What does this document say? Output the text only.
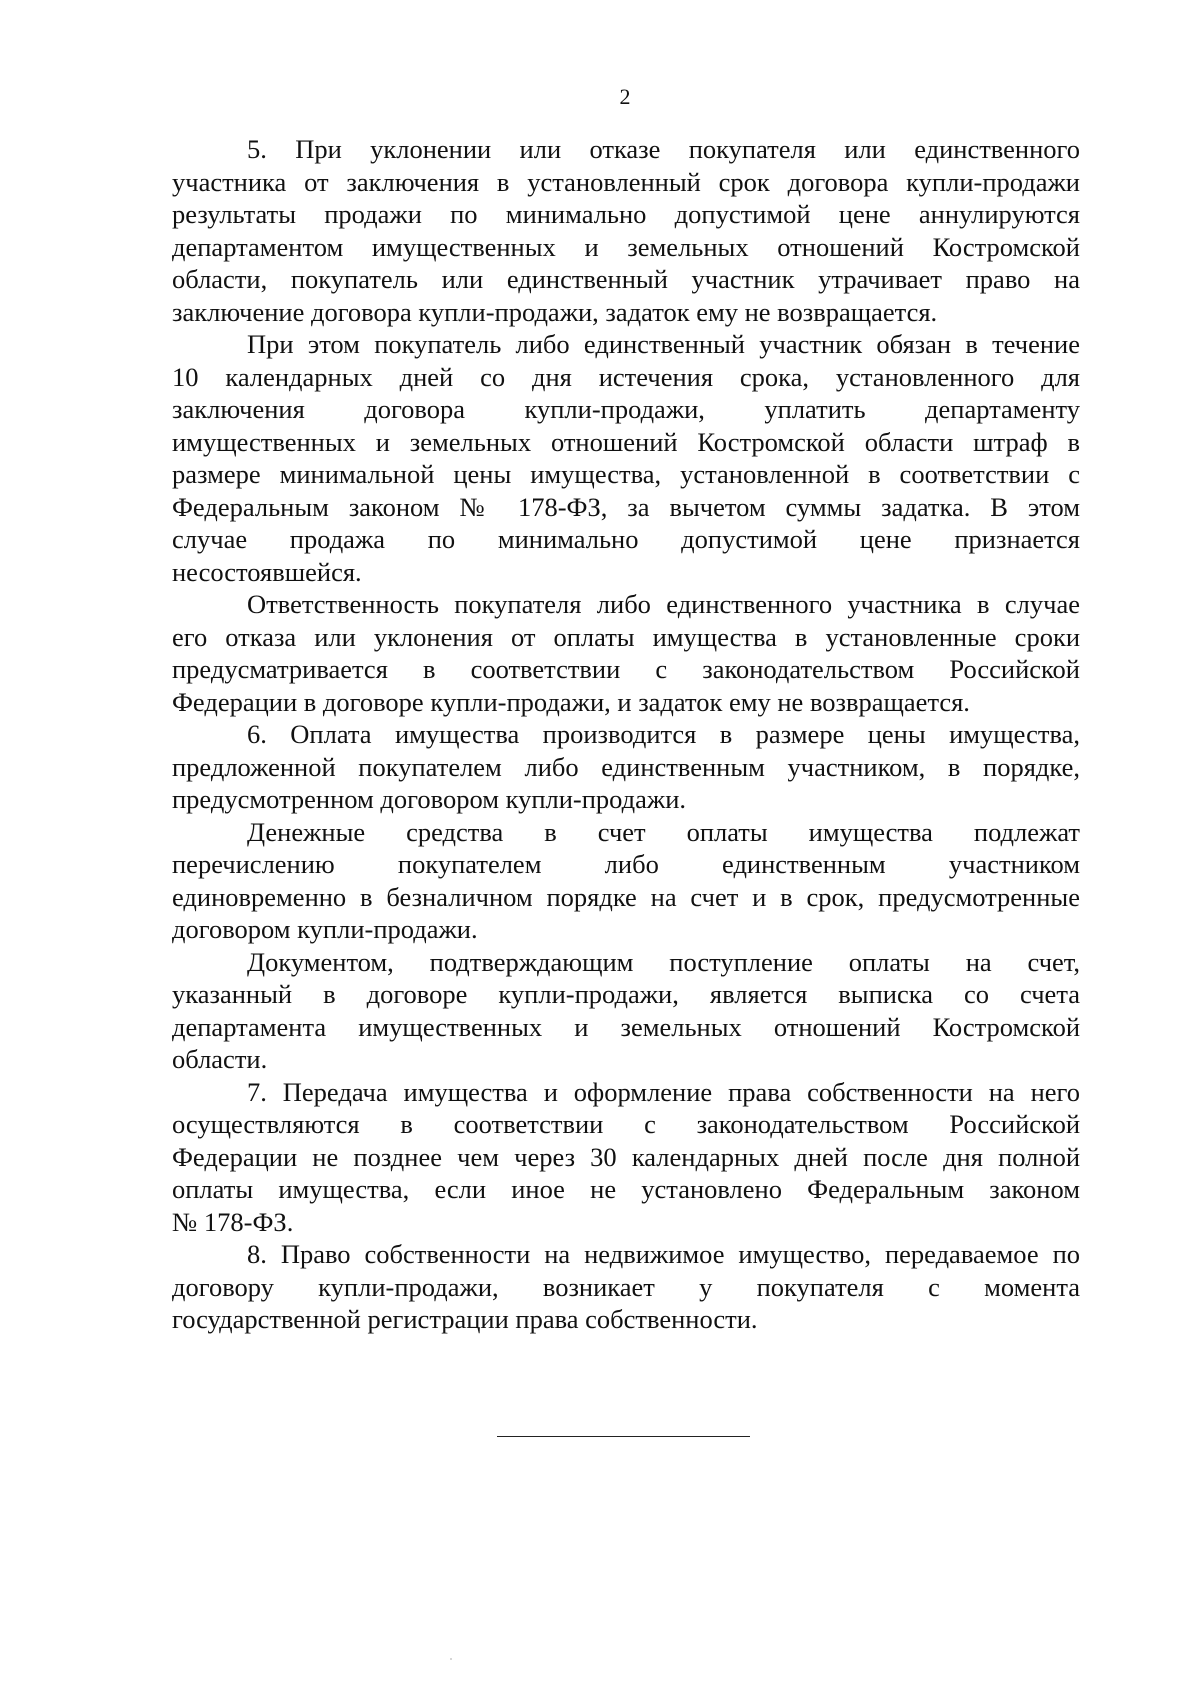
2
5. При уклонении или отказе покупателя или единственного
участника от заключения в установленный срок договора купли-продажи
результаты продажи по минимально допустимой цене аннулируются
департаментом имущественных и земельных отношений Костромской
области, покупатель или единственный участник утрачивает право на
заключение договора купли-продажи, задаток ему не возвращается.
При этом покупатель либо единственный участник обязан в течение
10 календарных дней со дня истечения срока, установленного для
заключения договора купли-продажи, уплатить департаменту
имущественных и земельных отношений Костромской области штраф в
размере минимальной цены имущества, установленной в соответствии с
Федеральным законом № 178-ФЗ, за вычетом суммы задатка. В этом
случае продажа по минимально допустимой цене признается
несостоявшейся.
Ответственность покупателя либо единственного участника в случае
его отказа или уклонения от оплаты имущества в установленные сроки
предусматривается в соответствии с законодательством Российской
Федерации в договоре купли-продажи, и задаток ему не возвращается.
6. Оплата имущества производится в размере цены имущества,
предложенной покупателем либо единственным участником, в порядке,
предусмотренном договором купли-продажи.
Денежные средства в счет оплаты имущества подлежат
перечислению покупателем либо единственным участником
единовременно в безналичном порядке на счет и в срок, предусмотренные
договором купли-продажи.
Документом, подтверждающим поступление оплаты на счет,
указанный в договоре купли-продажи, является выписка со счета
департамента имущественных и земельных отношений Костромской
области.
7. Передача имущества и оформление права собственности на него
осуществляются в соответствии с законодательством Российской
Федерации не позднее чем через 30 календарных дней после дня полной
оплаты имущества, если иное не установлено Федеральным законом
№ 178-ФЗ.
8. Право собственности на недвижимое имущество, передаваемое по
договору купли-продажи, возникает у покупателя с момента
государственной регистрации права собственности.
